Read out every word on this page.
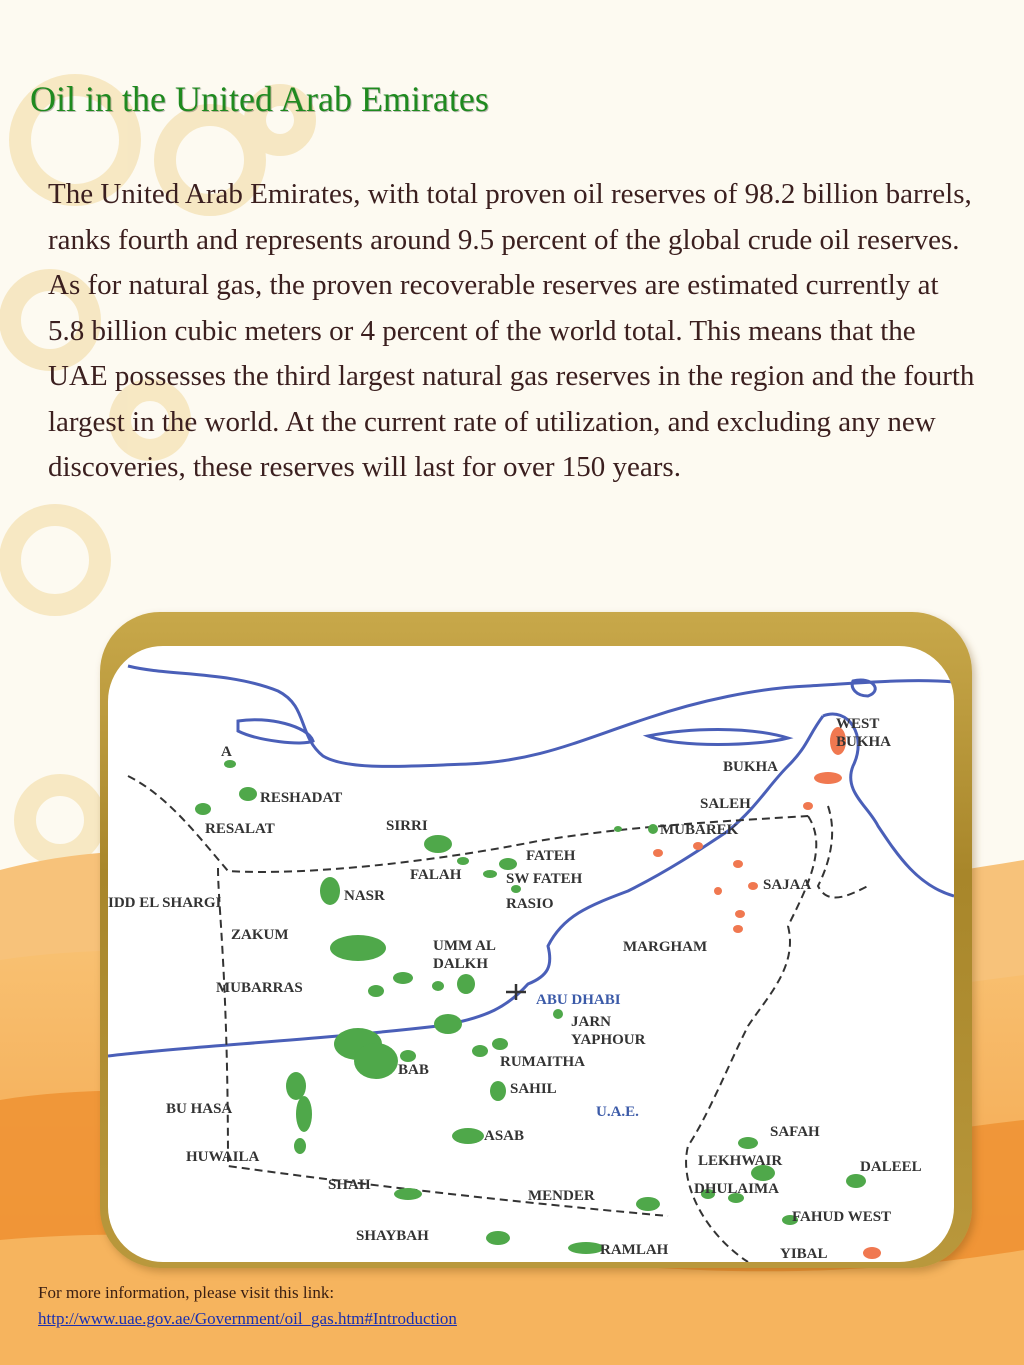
Oil in the United Arab Emirates

The United Arab Emirates, with total proven oil reserves of 98.2 billion barrels, ranks fourth and represents around 9.5 percent of the global crude oil reserves. As for natural gas, the proven recoverable reserves are estimated currently at 5.8 billion cubic meters or 4 percent of the world total. This means that the UAE possesses the third largest natural gas reserves in the region and the fourth largest in the world. At the current rate of utilization, and excluding any new discoveries, these reserves will last for over 150 years.

A
WEST
BUKHA
BUKHA
SALEH
MUBAREK
RESHADAT
RESALAT	SIRRI
FATEH
FALAH	SW FATEH
RASIO
SAJAA
IDD EL SHARGI	NASR
ZAKUM
UMM AL
DALKH
MARGHAM
MUBARRAS
ABU DHABI
JARN
YAPHOUR
RUMAITHA
BAB
SAHIL
BU HASA	U.A.E.
ASAB	SAFAH
HUWAILA	LEKHWAIR	DALEEL
SHAH	DHULAIMA
MENDER
FAHUD WEST
SHAYBAH
RAMLAH	YIBAL

For more information, please visit this link:

http://www.uae.gov.ae/Government/oil_gas.htm#Introduction
